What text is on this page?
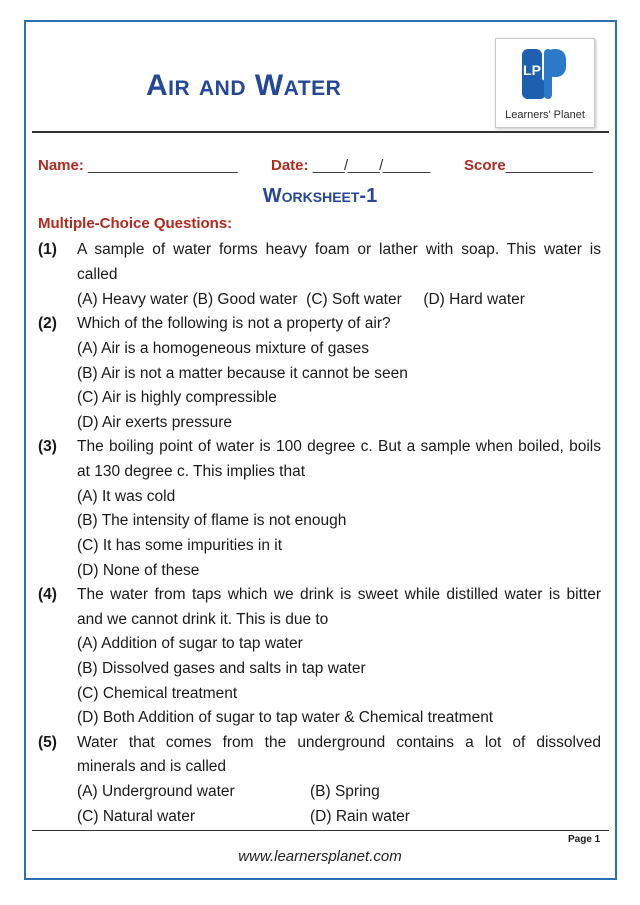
Air and Water	LP
Learners' Planet
Name: ___________________ Date: ____/____/______ Score___________
Worksheet-1
Multiple-Choice Questions:
(1) A sample of water forms heavy foam or lather with soap. This water is
called
(A) Heavy water (B) Good water (C) Soft water (D) Hard water
(2) Which of the following is not a property of air?
(A) Air is a homogeneous mixture of gases
(B) Air is not a matter because it cannot be seen
(C) Air is highly compressible
(D) Air exerts pressure
(3) The boiling point of water is 100 degree c. But a sample when boiled, boils
at 130 degree c. This implies that
(A) It was cold
(B) The intensity of flame is not enough
(C) It has some impurities in it
(D) None of these
(4) The water from taps which we drink is sweet while distilled water is bitter
and we cannot drink it. This is due to
(A) Addition of sugar to tap water
(B) Dissolved gases and salts in tap water
(C) Chemical treatment
(D) Both Addition of sugar to tap water & Chemical treatment
(5) Water that comes from the underground contains a lot of dissolved
minerals and is called
(A) Underground water	(B) Spring
(C) Natural water	(D) Rain water
Page 1
www.learnersplanet.com
